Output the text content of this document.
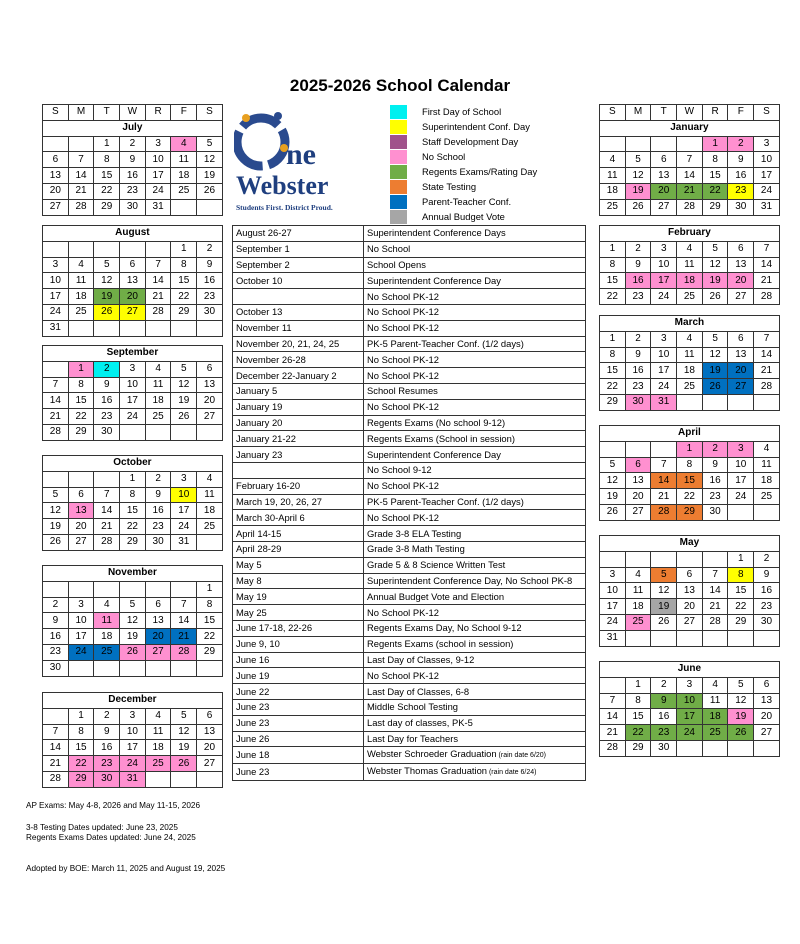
2025-2026 School Calendar
ne
Webster
Students First. District Proud.
First Day of School
Superintendent Conf. Day
Staff Development Day
No School
Regents Exams/Rating Day
State Testing
Parent-Teacher Conf.
Annual Budget Vote
S	M	T	W	R	F	S
July						
		1	2	3	4	5
6	7	8	9	10	11	12
13	14	15	16	17	18	19
20	21	22	23	24	25	26
27	28	29	30	31		
August						
					1	2
3	4	5	6	7	8	9
10	11	12	13	14	15	16
17	18	19	20	21	22	23
24	25	26	27	28	29	30
31						
September						
	1	2	3	4	5	6
7	8	9	10	11	12	13
14	15	16	17	18	19	20
21	22	23	24	25	26	27
28	29	30				
October						
			1	2	3	4
5	6	7	8	9	10	11
12	13	14	15	16	17	18
19	20	21	22	23	24	25
26	27	28	29	30	31	
November						
						1
2	3	4	5	6	7	8
9	10	11	12	13	14	15
16	17	18	19	20	21	22
23	24	25	26	27	28	29
30						
December						
	1	2	3	4	5	6
7	8	9	10	11	12	13
14	15	16	17	18	19	20
21	22	23	24	25	26	27
28	29	30	31			
S	M	T	W	R	F	S
January						
				1	2	3
4	5	6	7	8	9	10
11	12	13	14	15	16	17
18	19	20	21	22	23	24
25	26	27	28	29	30	31
February						
1	2	3	4	5	6	7
8	9	10	11	12	13	14
15	16	17	18	19	20	21
22	23	24	25	26	27	28
March						
1	2	3	4	5	6	7
8	9	10	11	12	13	14
15	16	17	18	19	20	21
22	23	24	25	26	27	28
29	30	31				
April						
			1	2	3	4
5	6	7	8	9	10	11
12	13	14	15	16	17	18
19	20	21	22	23	24	25
26	27	28	29	30		
May						
					1	2
3	4	5	6	7	8	9
10	11	12	13	14	15	16
17	18	19	20	21	22	23
24	25	26	27	28	29	30
31						
June						
	1	2	3	4	5	6
7	8	9	10	11	12	13
14	15	16	17	18	19	20
21	22	23	24	25	26	27
28	29	30				
August 26-27	Superintendent Conference Days
September 1	No School
September 2	School Opens
October 10	Superintendent Conference Day
	No School PK-12
October 13	No School PK-12
November 11	No School PK-12
November 20, 21, 24, 25	PK-5 Parent-Teacher Conf. (1/2 days)
November 26-28	No School PK-12
December 22-January 2	No School PK-12
January 5	School Resumes
January 19	No School PK-12
January 20	Regents Exams (No school 9-12)
January 21-22	Regents Exams (School in session)
January 23	Superintendent Conference Day
	No School 9-12
February 16-20	No School PK-12
March 19, 20, 26, 27	PK-5 Parent-Teacher Conf. (1/2 days)
March 30-April 6	No School PK-12
April 14-15	Grade 3-8 ELA Testing
April 28-29	Grade 3-8 Math Testing
May 5	Grade 5 & 8 Science Written Test
May 8	Superintendent Conference Day, No School PK-8
May 19	Annual Budget Vote and Election
May 25	No School PK-12
June 17-18, 22-26	Regents Exams Day, No School 9-12
June 9, 10	Regents Exams (school in session)
June 16	Last Day of Classes, 9-12
June 19	No School PK-12
June 22	Last Day of Classes, 6-8
June 23	Middle School Testing
June 23	Last day of classes, PK-5
June 26	Last Day for Teachers
June 18	Webster Schroeder Graduation (rain date 6/20)
June 23	Webster Thomas Graduation (rain date 6/24)
AP Exams: May 4-8, 2026 and May 11-15, 2026
3-8 Testing Dates updated: June 23, 2025
Regents Exams Dates updated: June 24, 2025
Adopted by BOE: March 11, 2025 and August 19, 2025
